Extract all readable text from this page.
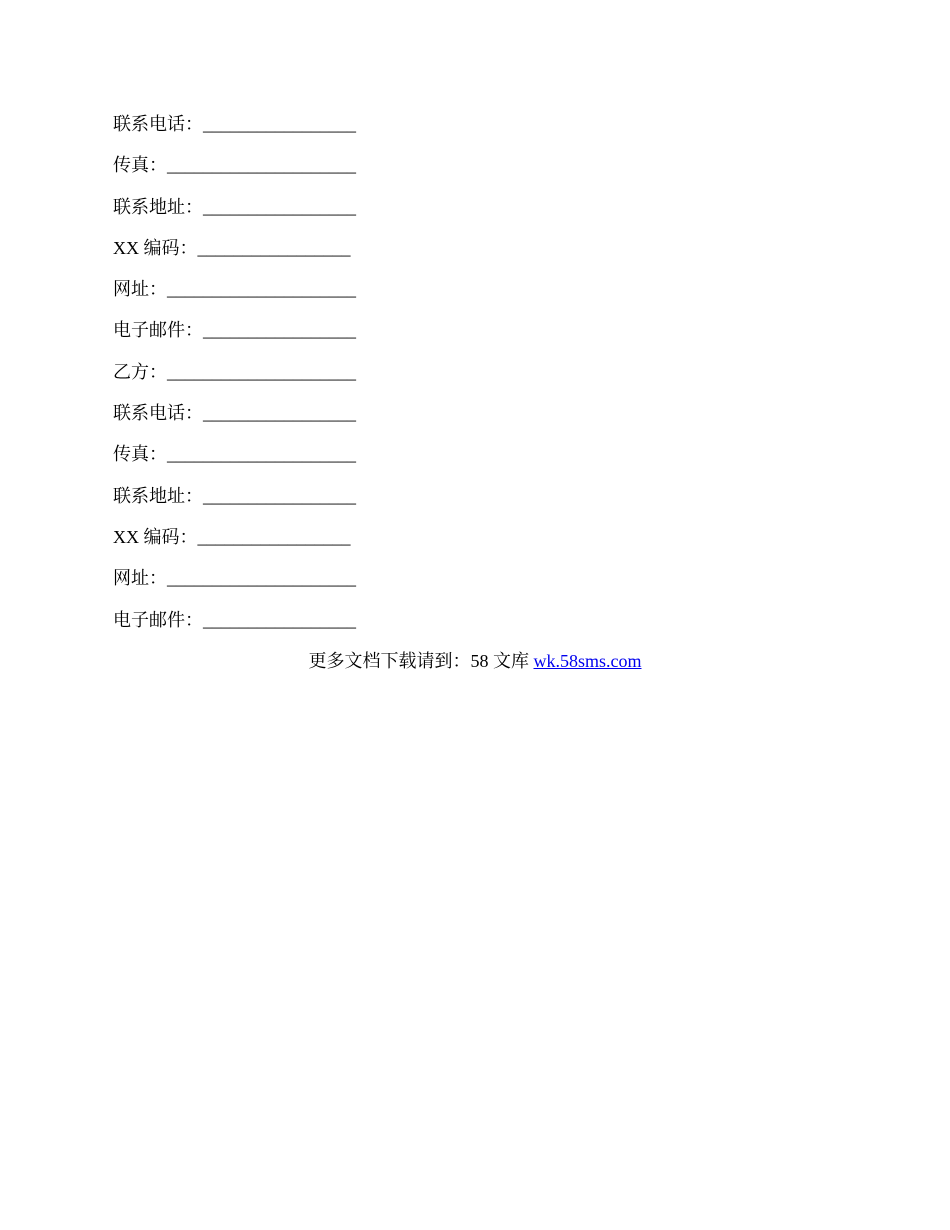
联系电话：_________________
传真：_____________________
联系地址：_________________
XX 编码：_________________
网址：_____________________
电子邮件：_________________
乙方：_____________________
联系电话：_________________
传真：_____________________
联系地址：_________________
XX 编码：_________________
网址：_____________________
电子邮件：_________________
更多文档下载请到：58 文库 wk.58sms.com
